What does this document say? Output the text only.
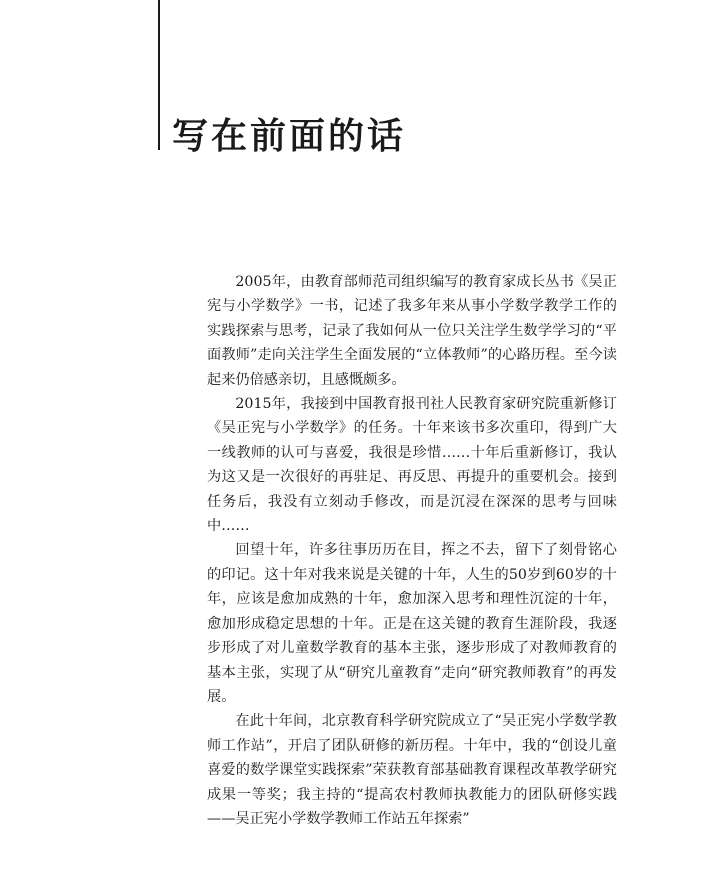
写在前面的话

2005年，由教育部师范司组织编写的教育家成长丛书《吴正宪与小学数学》一书，记述了我多年来从事小学数学教学工作的实践探索与思考，记录了我如何从一位只关注学生数学学习的“平面教师”走向关注学生全面发展的“立体教师”的心路历程。至今读起来仍倍感亲切，且感慨颇多。

2015年，我接到中国教育报刊社人民教育家研究院重新修订《吴正宪与小学数学》的任务。十年来该书多次重印，得到广大一线教师的认可与喜爱，我很是珍惜……十年后重新修订，我认为这又是一次很好的再驻足、再反思、再提升的重要机会。接到任务后，我没有立刻动手修改，而是沉浸在深深的思考与回味中……

回望十年，许多往事历历在目，挥之不去，留下了刻骨铭心的印记。这十年对我来说是关键的十年，人生的50岁到60岁的十年，应该是愈加成熟的十年，愈加深入思考和理性沉淀的十年，愈加形成稳定思想的十年。正是在这关键的教育生涯阶段，我逐步形成了对儿童数学教育的基本主张，逐步形成了对教师教育的基本主张，实现了从“研究儿童教育”走向“研究教师教育”的再发展。

在此十年间，北京教育科学研究院成立了“吴正宪小学数学教师工作站”，开启了团队研修的新历程。十年中，我的“创设儿童喜爱的数学课堂实践探索”荣获教育部基础教育课程改革教学研究成果一等奖；我主持的“提高农村教师执教能力的团队研修实践——吴正宪小学数学教师工作站五年探索”
